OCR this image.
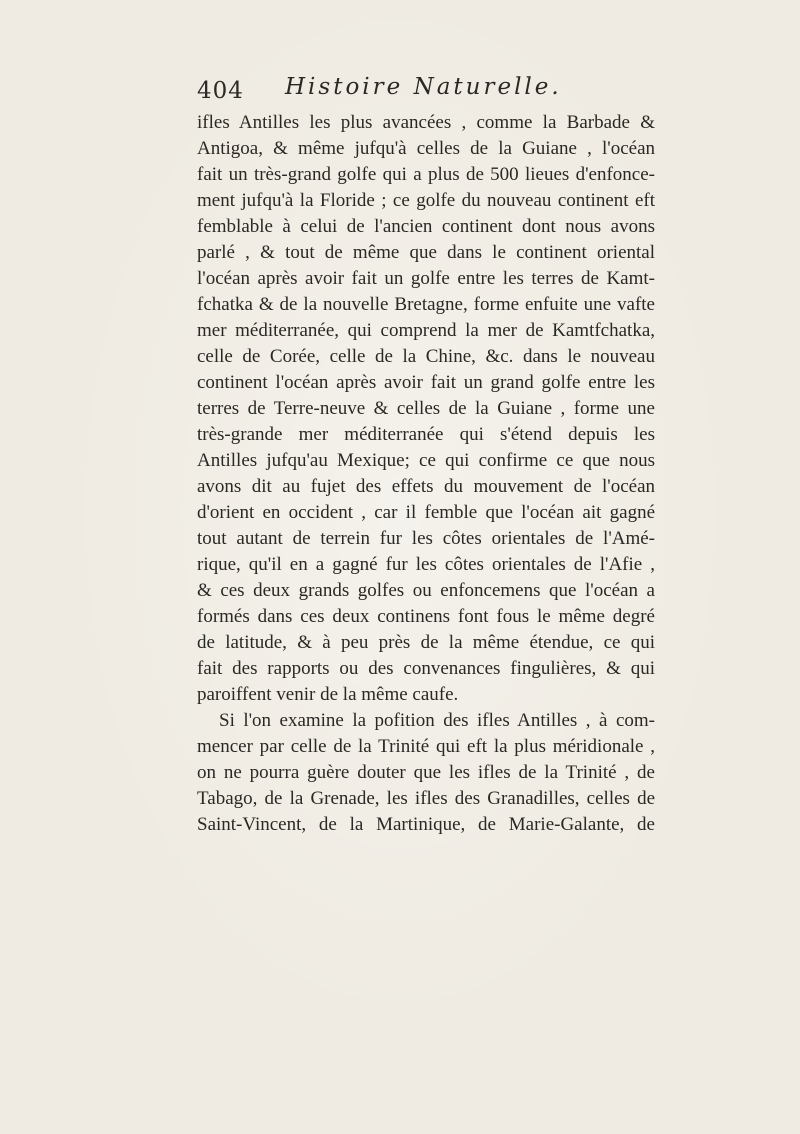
404 Histoire Naturelle.
ifles Antilles les plus avancées , comme la Barbade &
Antigoa, & même jufqu'à celles de la Guiane , l'océan
fait un très-grand golfe qui a plus de 500 lieues d'enfonce-
ment jufqu'à la Floride ; ce golfe du nouveau continent eft
femblable à celui de l'ancien continent dont nous avons
parlé , & tout de même que dans le continent oriental
l'océan après avoir fait un golfe entre les terres de Kamt-
fchatka & de la nouvelle Bretagne, forme enfuite une vafte
mer méditerranée, qui comprend la mer de Kamtfchatka,
celle de Corée, celle de la Chine, &c. dans le nouveau
continent l'océan après avoir fait un grand golfe entre les
terres de Terre-neuve & celles de la Guiane , forme une
très-grande mer méditerranée qui s'étend depuis les
Antilles jufqu'au Mexique; ce qui confirme ce que nous
avons dit au fujet des effets du mouvement de l'océan
d'orient en occident , car il femble que l'océan ait gagné
tout autant de terrein fur les côtes orientales de l'Amé-
rique, qu'il en a gagné fur les côtes orientales de l'Afie ,
& ces deux grands golfes ou enfoncemens que l'océan a
formés dans ces deux continens font fous le même degré
de latitude, & à peu près de la même étendue, ce qui
fait des rapports ou des convenances fingulières, & qui
paroiffent venir de la même caufe.
Si l'on examine la pofition des ifles Antilles , à com-
mencer par celle de la Trinité qui eft la plus méridionale ,
on ne pourra guère douter que les ifles de la Trinité , de
Tabago, de la Grenade, les ifles des Granadilles, celles de
Saint-Vincent, de la Martinique, de Marie-Galante, de
